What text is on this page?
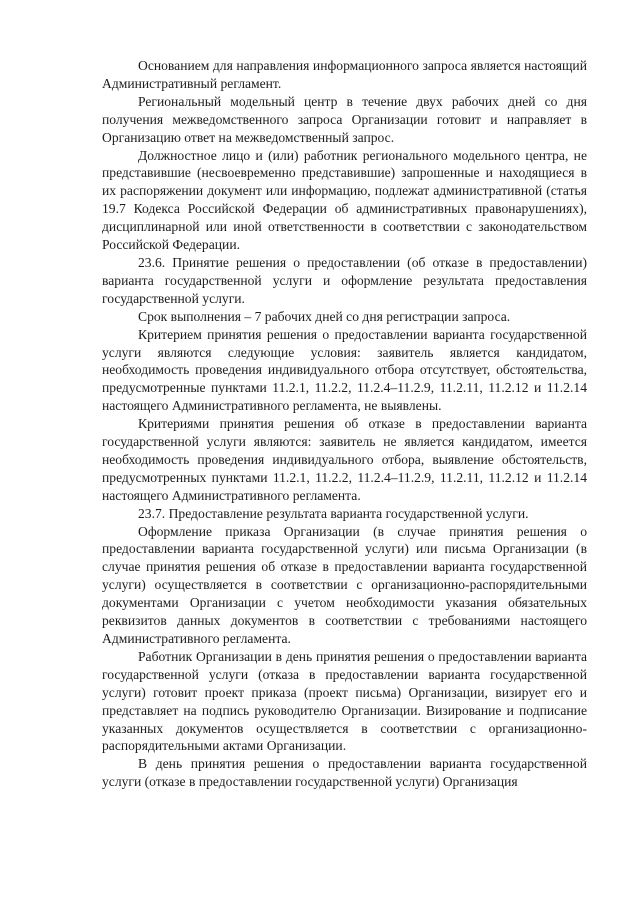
Основанием для направления информационного запроса является настоящий Административный регламент.

Региональный модельный центр в течение двух рабочих дней со дня получения межведомственного запроса Организации готовит и направляет в Организацию ответ на межведомственный запрос.

Должностное лицо и (или) работник регионального модельного центра, не представившие (несвоевременно представившие) запрошенные и находящиеся в их распоряжении документ или информацию, подлежат административной (статья 19.7 Кодекса Российской Федерации об административных правонарушениях), дисциплинарной или иной ответственности в соответствии с законодательством Российской Федерации.

23.6. Принятие решения о предоставлении (об отказе в предоставлении) варианта государственной услуги и оформление результата предоставления государственной услуги.

Срок выполнения – 7 рабочих дней со дня регистрации запроса.

Критерием принятия решения о предоставлении варианта государственной услуги являются следующие условия: заявитель является кандидатом, необходимость проведения индивидуального отбора отсутствует, обстоятельства, предусмотренные пунктами 11.2.1, 11.2.2, 11.2.4–11.2.9, 11.2.11, 11.2.12 и 11.2.14 настоящего Административного регламента, не выявлены.

Критериями принятия решения об отказе в предоставлении варианта государственной услуги являются: заявитель не является кандидатом, имеется необходимость проведения индивидуального отбора, выявление обстоятельств, предусмотренных пунктами 11.2.1, 11.2.2, 11.2.4–11.2.9, 11.2.11, 11.2.12 и 11.2.14 настоящего Административного регламента.

23.7. Предоставление результата варианта государственной услуги.

Оформление приказа Организации (в случае принятия решения о предоставлении варианта государственной услуги) или письма Организации (в случае принятия решения об отказе в предоставлении варианта государственной услуги) осуществляется в соответствии с организационно-распорядительными документами Организации с учетом необходимости указания обязательных реквизитов данных документов в соответствии с требованиями настоящего Административного регламента.

Работник Организации в день принятия решения о предоставлении варианта государственной услуги (отказа в предоставлении варианта государственной услуги) готовит проект приказа (проект письма) Организации, визирует его и представляет на подпись руководителю Организации. Визирование и подписание указанных документов осуществляется в соответствии с организационно-распорядительными актами Организации.

В день принятия решения о предоставлении варианта государственной услуги (отказе в предоставлении государственной услуги) Организация
